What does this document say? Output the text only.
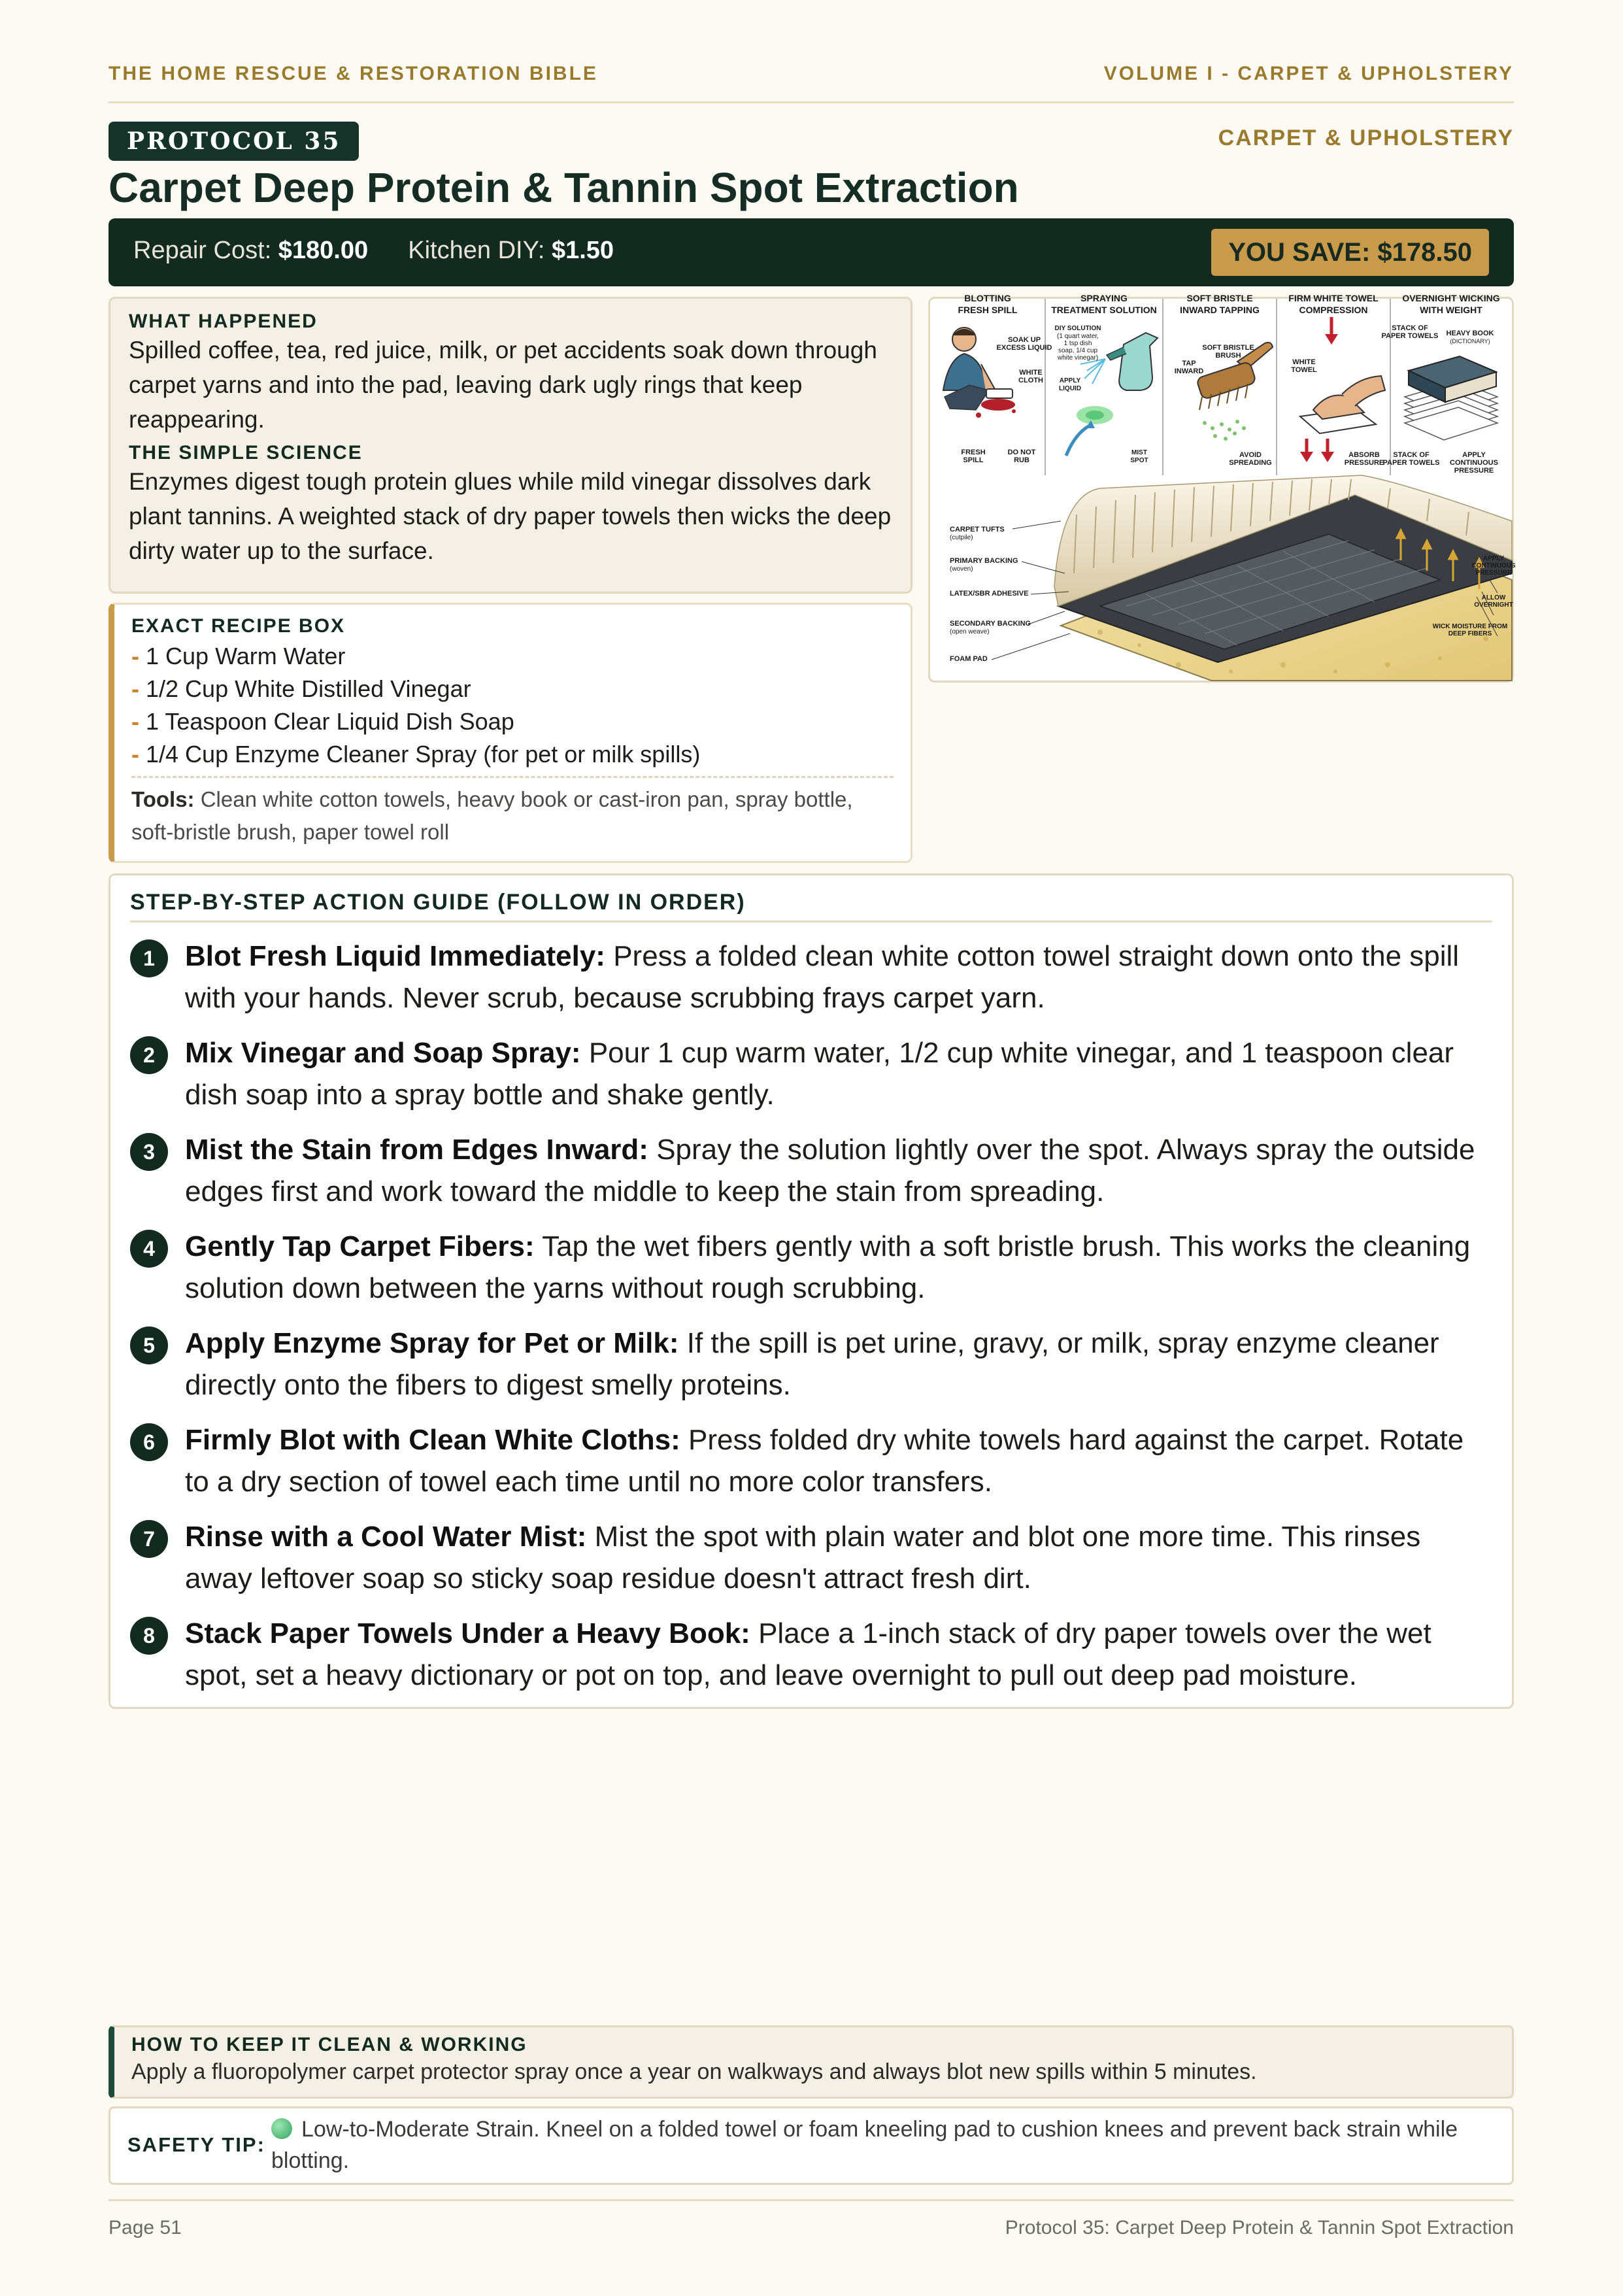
THE HOME RESCUE & RESTORATION BIBLE	VOLUME I - CARPET & UPHOLSTERY
PROTOCOL 35	CARPET & UPHOLSTERY
Carpet Deep Protein & Tannin Spot Extraction
Repair Cost: $180.00 Kitchen DIY: $1.50	YOU SAVE: $178.50
WHAT HAPPENED

Spilled coffee, tea, red juice, milk, or pet accidents soak down through carpet yarns and into the pad, leaving dark ugly rings that keep reappearing.

THE SIMPLE SCIENCE

Enzymes digest tough protein glues while mild vinegar dissolves dark plant tannins. A weighted stack of dry paper towels then wicks the deep dirty water up to the surface.

BLOTTING
FRESH SPILL
SPRAYING
TREATMENT SOLUTION
SOFT BRISTLE
INWARD TAPPING
FIRM WHITE TOWEL
COMPRESSION
OVERNIGHT WICKING
WITH WEIGHT
SOAK UP EXCESS LIQUID
WHITE CLOTH
FRESH SPILL
DO NOT RUB
DIY SOLUTION
(1 quart water, 1 tsp dish soap, 1/4 cup white vinegar)
APPLY LIQUID
MIST SPOT
SOFT BRISTLE BRUSH
TAP INWARD
AVOID SPREADING
WHITE TOWEL
ABSORB PRESSURE
STACK OF PAPER TOWELS HEAVY BOOK
(DICTIONARY)
STACK OF PAPER TOWELS
APPLY CONTINUOUS PRESSURE
CARPET TUFTS
(cutpile)
PRIMARY BACKING
(woven)
LATEX/SBR ADHESIVE
SECONDARY BACKING
(open weave)
FOAM PAD
APPLY CONTINUOUS PRESSURE
ALLOW OVERNIGHT
WICK MOISTURE FROM DEEP FIBERS
EXACT RECIPE BOX
- 1 Cup Warm Water
- 1/2 Cup White Distilled Vinegar
- 1 Teaspoon Clear Liquid Dish Soap
- 1/4 Cup Enzyme Cleaner Spray (for pet or milk spills)
Tools: Clean white cotton towels, heavy book or cast-iron pan, spray bottle, soft-bristle brush, paper towel roll
STEP-BY-STEP ACTION GUIDE (FOLLOW IN ORDER)
1	Blot Fresh Liquid Immediately: Press a folded clean white cotton towel straight down onto the spill with your hands. Never scrub, because scrubbing frays carpet yarn.
2	Mix Vinegar and Soap Spray: Pour 1 cup warm water, 1/2 cup white vinegar, and 1 teaspoon clear dish soap into a spray bottle and shake gently.
3	Mist the Stain from Edges Inward: Spray the solution lightly over the spot. Always spray the outside edges first and work toward the middle to keep the stain from spreading.
4	Gently Tap Carpet Fibers: Tap the wet fibers gently with a soft bristle brush. This works the cleaning solution down between the yarns without rough scrubbing.
5	Apply Enzyme Spray for Pet or Milk: If the spill is pet urine, gravy, or milk, spray enzyme cleaner directly onto the fibers to digest smelly proteins.
6	Firmly Blot with Clean White Cloths: Press folded dry white towels hard against the carpet. Rotate to a dry section of towel each time until no more color transfers.
7	Rinse with a Cool Water Mist: Mist the spot with plain water and blot one more time. This rinses away leftover soap so sticky soap residue doesn't attract fresh dirt.
8	Stack Paper Towels Under a Heavy Book: Place a 1-inch stack of dry paper towels over the wet spot, set a heavy dictionary or pot on top, and leave overnight to pull out deep pad moisture.
HOW TO KEEP IT CLEAN & WORKING

Apply a fluoropolymer carpet protector spray once a year on walkways and always blot new spills within 5 minutes.

SAFETY TIP:
Low-to-Moderate Strain. Kneel on a folded towel or foam kneeling pad to cushion knees and prevent back strain while blotting.
Page 51	Protocol 35: Carpet Deep Protein & Tannin Spot Extraction
